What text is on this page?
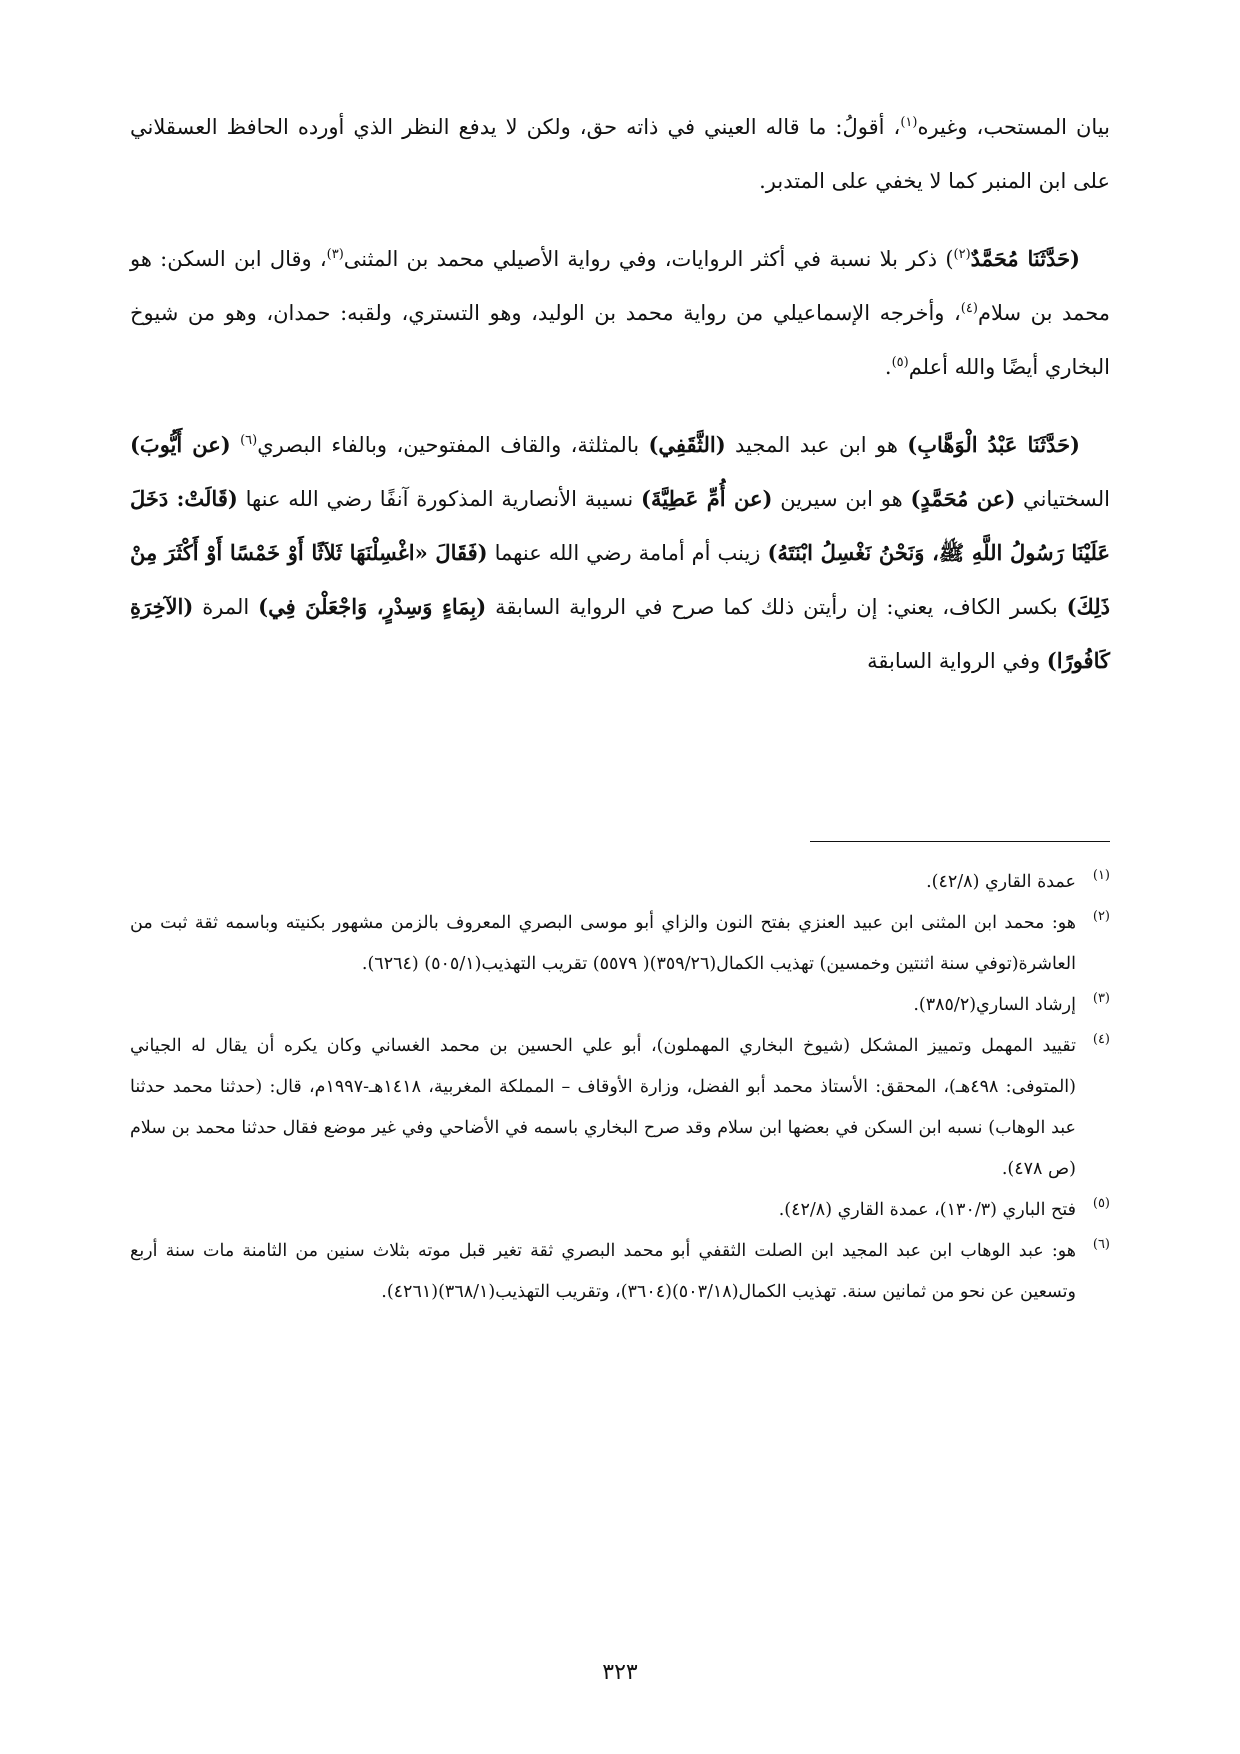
بيان المستحب، وغيره$^{(١)}$، أقولُ: ما قاله العيني في ذاته حق، ولكن لا يدفع النظر الذي أورده الحافظ العسقلاني على ابن المنبر كما لا يخفي على المتدبر.

(حَدَّثَنَا مُحَمَّدٌ$^{(٢)}$) ذكر بلا نسبة في أكثر الروايات، وفي رواية الأصيلي محمد بن المثنى$^{(٣)}$، وقال ابن السكن: هو محمد بن سلام$^{(٤)}$، وأخرجه الإسماعيلي من رواية محمد بن الوليد، وهو التستري، ولقبه: حمدان، وهو من شيوخ البخاري أيضًا والله أعلم$^{(٥)}$.

(حَدَّثَنَا عَبْدُ الْوَهَّابِ) هو ابن عبد المجيد (الثَّقَفِي) بالمثلثة، والقاف المفتوحين، وبالفاء البصري$^{(٦)}$ (عن أَيُّوبَ) السختياني (عن مُحَمَّدٍ) هو ابن سيرين (عن أُمِّ عَطِيَّةَ) نسيبة الأنصارية المذكورة آنفًا رضي الله عنها (قَالَتْ: دَخَلَ عَلَيْنَا رَسُولُ اللَّهِ ﷺ، وَنَحْنُ نَغْسِلُ ابْنَتَهُ) زينب أم أمامة رضي الله عنهما (فَقَالَ «اغْسِلْنَهَا ثَلاَثًا أَوْ خَمْسًا أَوْ أَكْثَرَ مِنْ ذَلِكَ) بكسر الكاف، يعني: إن رأيتن ذلك كما صرح في الرواية السابقة (بِمَاءٍ وَسِدْرٍ، وَاجْعَلْنَ فِي) المرة (الآخِرَةِ كَافُورًا) وفي الرواية السابقة

(١)
عمدة القاري (٤٢/٨).

(٢)
هو: محمد ابن المثنى ابن عبيد العنزي بفتح النون والزاي أبو موسى البصري المعروف بالزمن مشهور بكنيته وباسمه ثقة ثبت من العاشرة(توفي سنة اثنتين وخمسين) تهذيب الكمال(٣٥٩/٢٦)( ٥٥٧٩) تقريب التهذيب(٥٠٥/١) (٦٢٦٤).

(٣)
إرشاد الساري(٣٨٥/٢).

(٤)
تقييد المهمل وتمييز المشكل (شيوخ البخاري المهملون)، أبو علي الحسين بن محمد الغساني وكان يكره أن يقال له الجياني (المتوفى: ٤٩٨هـ)، المحقق: الأستاذ محمد أبو الفضل، وزارة الأوقاف – المملكة المغربية، ١٤١٨هـ-١٩٩٧م، قال: (حدثنا محمد حدثنا عبد الوهاب) نسبه ابن السكن في بعضها ابن سلام وقد صرح البخاري باسمه في الأضاحي وفي غير موضع فقال حدثنا محمد بن سلام (ص ٤٧٨).

(٥)
فتح الباري (١٣٠/٣)، عمدة القاري (٤٢/٨).

(٦)
هو: عبد الوهاب ابن عبد المجيد ابن الصلت الثقفي أبو محمد البصري ثقة تغير قبل موته بثلاث سنين من الثامنة مات سنة أربع وتسعين عن نحو من ثمانين سنة. تهذيب الكمال(٥٠٣/١٨)(٣٦٠٤)، وتقريب التهذيب(٣٦٨/١)(٤٢٦١).

٣٢٣
